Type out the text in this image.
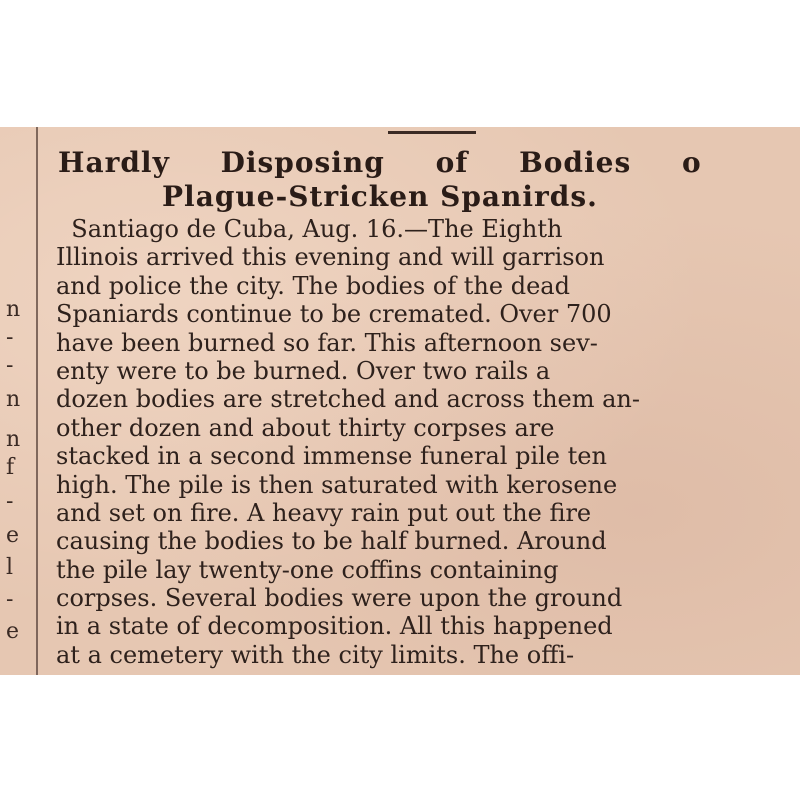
n
-
-
n
n
f
-
e
l
-
e
Hardly Disposing of Bodies o
Plague-Stricken Spanirds.
Santiago de Cuba, Aug. 16.—The Eighth
Illinois arrived this evening and will garrison
and police the city. The bodies of the dead
Spaniards continue to be cremated. Over 700
have been burned so far. This afternoon sev-
enty were to be burned. Over two rails a
dozen bodies are stretched and across them an-
other dozen and about thirty corpses are
stacked in a second immense funeral pile ten
high. The pile is then saturated with kerosene
and set on fire. A heavy rain put out the fire
causing the bodies to be half burned. Around
the pile lay twenty-one coffins containing
corpses. Several bodies were upon the ground
in a state of decomposition. All this happened
at a cemetery with the city limits. The offi-
